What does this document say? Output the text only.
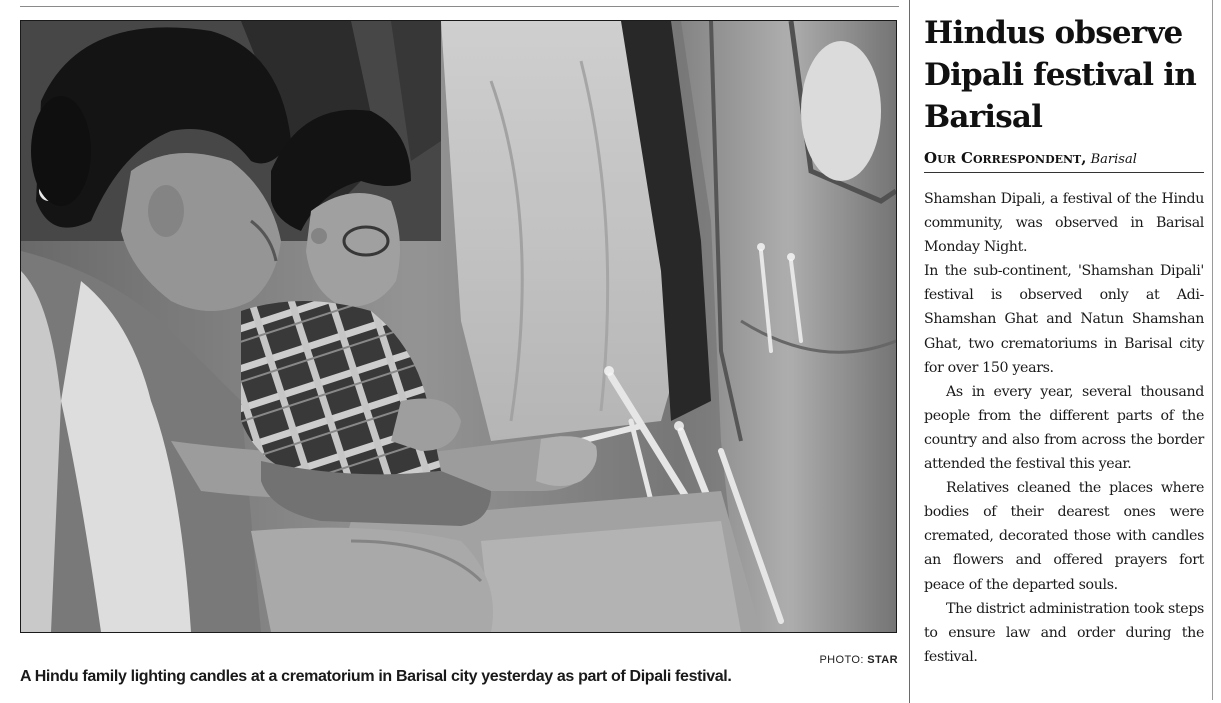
PHOTO: STAR
A Hindu family lighting candles at a crematorium in Barisal city yesterday as part of Dipali festival.
Hindus observe Dipali festival in Barisal
Our Correspondent, Barisal

Shamshan Dipali, a festival of the Hindu community, was observed in Barisal Monday Night.

In the sub-continent, 'Shamshan Dipali' festival is observed only at Adi-Shamshan Ghat and Natun Shamshan Ghat, two crematoriums in Barisal city for over 150 years.

As in every year, several thousand people from the different parts of the country and also from across the border attended the festival this year.

Relatives cleaned the places where bodies of their dearest ones were cremated, decorated those with candles an flowers and offered prayers fort peace of the departed souls.

The district administration took steps to ensure law and order during the festival.
